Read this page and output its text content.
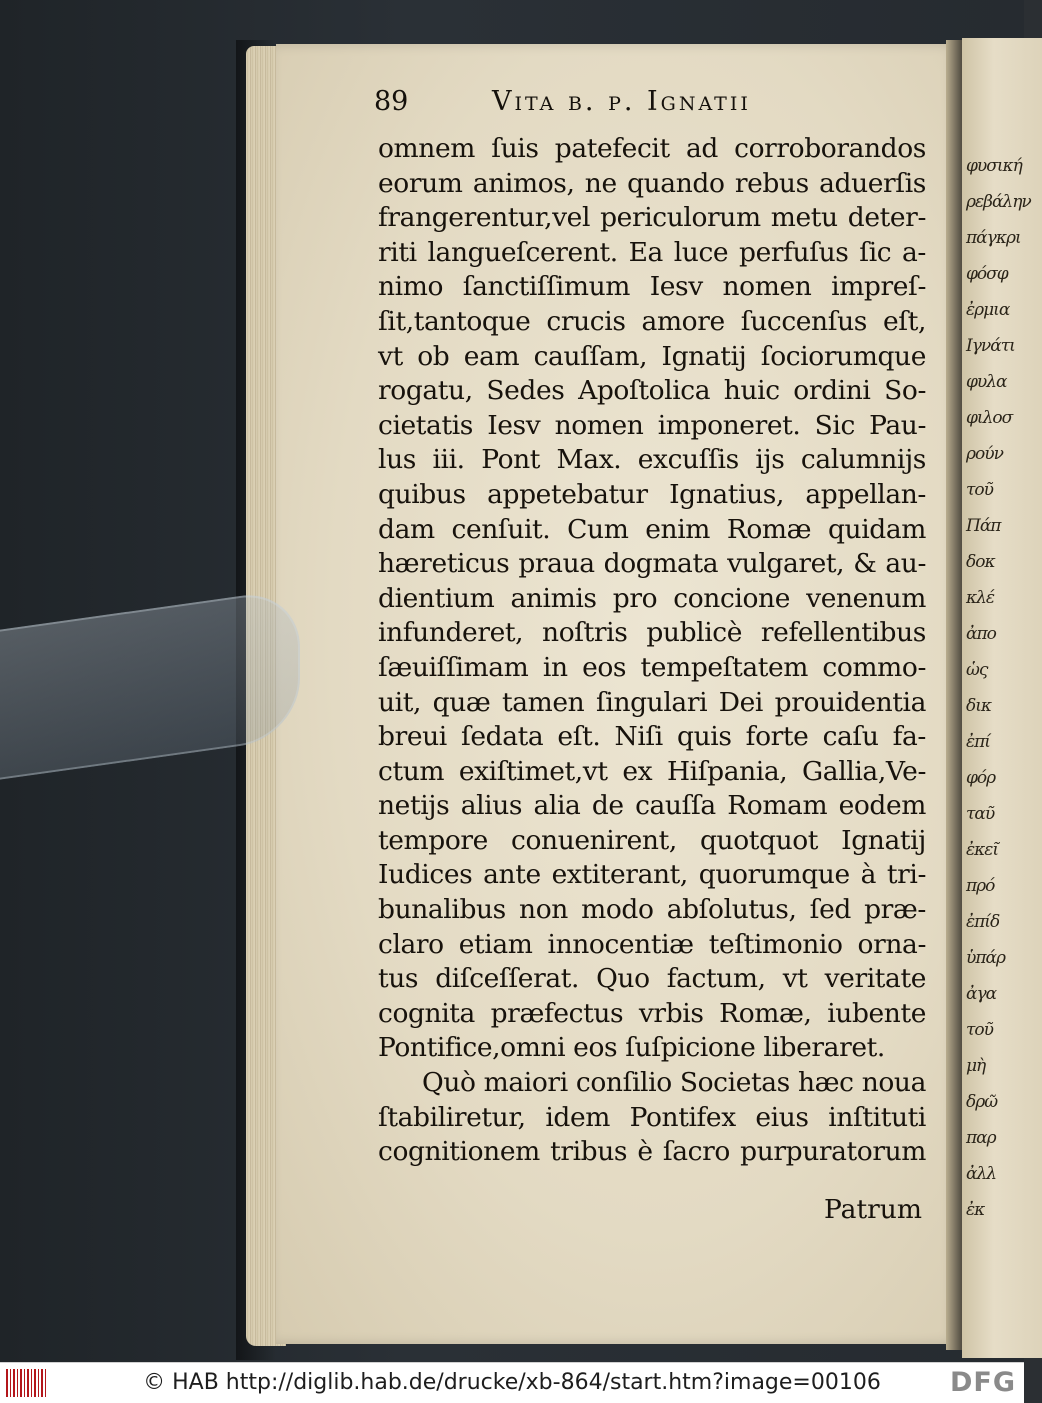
φυσική
ρεβάλην
πάγκρι
φόσφ
ἐρμια
Ιγνάτι
φυλα
φιλοσ
ρούν
τοῦ
Πάπ
δοκ
κλέ
ἀπο
ὡς
δικ
ἐπί
φόρ
ταῦ
ἐκεῖ
πρό
ἐπίδ
ὑπάρ
ἀγα
τοῦ
μὴ
δρῶ
παρ
ἀλλ
ἐκ
89	Vita b. p. Ignatii
omnem ſuis patefecit ad corroborandos
eorum animos, ne quando rebus aduerſis
frangerentur,vel periculorum metu deter-
riti langueſcerent. Ea luce perfuſus ſic a-
nimo ſanctiſſimum Iesv nomen impreſ-
ſit,tantoque crucis amore ſuccenſus eſt,
vt ob eam cauſſam, Ignatij ſociorumque
rogatu, Sedes Apoſtolica huic ordini So-
cietatis Iesv nomen imponeret. Sic Pau-
lus iii. Pont Max. excuſſis ijs calumnijs
quibus appetebatur Ignatius, appellan-
dam cenſuit. Cum enim Romæ quidam
hæreticus praua dogmata vulgaret, & au-
dientium animis pro concione venenum
infunderet, noſtris publicè refellentibus
ſæuiſſimam in eos tempeſtatem commo-
uit, quæ tamen ſingulari Dei prouidentia
breui ſedata eſt. Niſi quis forte caſu fa-
ctum exiſtimet,vt ex Hiſpania, Gallia,Ve-
netijs alius alia de cauſſa Romam eodem
tempore conuenirent, quotquot Ignatij
Iudices ante extiterant, quorumque à tri-
bunalibus non modo abſolutus, ſed præ-
claro etiam innocentiæ teſtimonio orna-
tus diſceſſerat. Quo factum, vt veritate
cognita præfectus vrbis Romæ, iubente
Pontifice,omni eos ſuſpicione liberaret.
Quò maiori conſilio Societas hæc noua
ſtabiliretur, idem Pontifex eius inſtituti
cognitionem tribus è ſacro purpuratorum
Patrum
© HAB http://diglib.hab.de/drucke/xb-864/start.htm?image=00106	DFG
